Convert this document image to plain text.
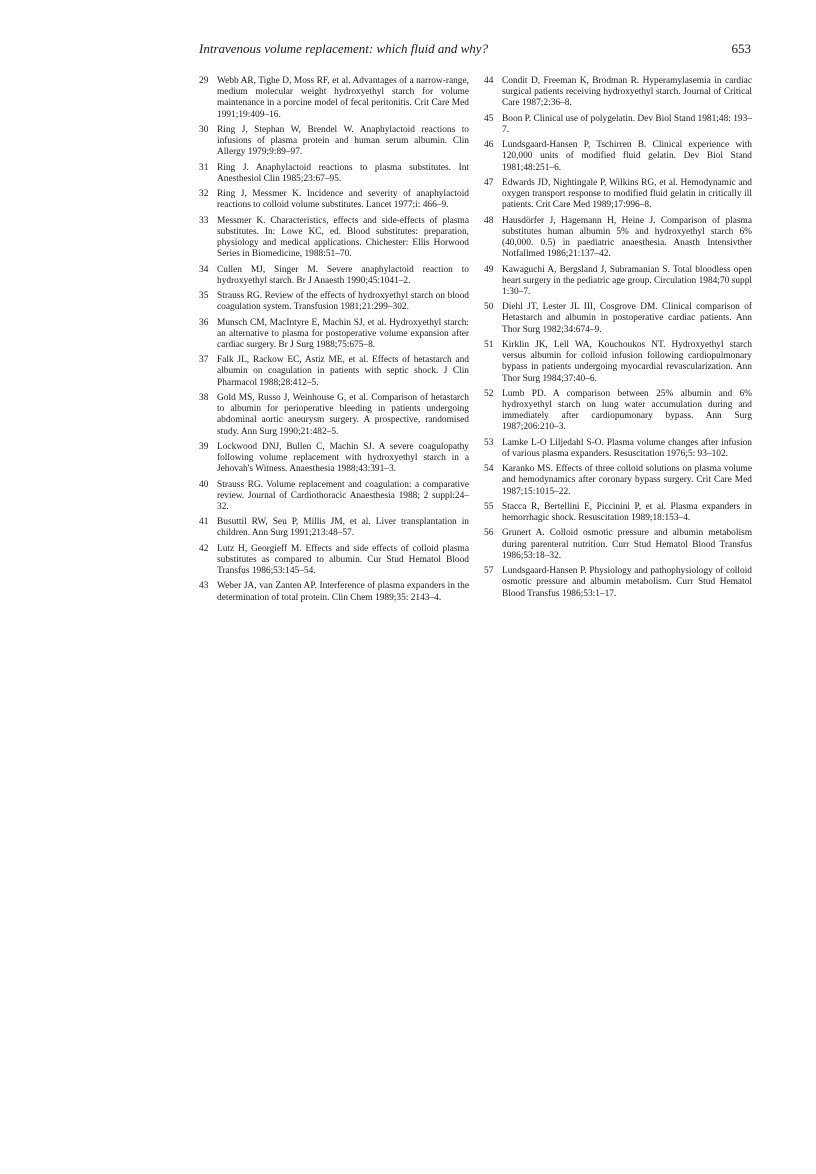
Intravenous volume replacement: which fluid and why?	653
29 Webb AR, Tighe D, Moss RF, et al. Advantages of a narrow-range, medium molecular weight hydroxyethyl starch for volume maintenance in a porcine model of fecal peritonitis. Crit Care Med 1991;19:409–16.
30 Ring J, Stephan W, Brendel W. Anaphylactoid reactions to infusions of plasma protein and human serum albumin. Clin Allergy 1979;9:89–97.
31 Ring J. Anaphylactoid reactions to plasma substitutes. Int Anesthesiol Clin 1985;23:67–95.
32 Ring J, Messmer K. Incidence and severity of anaphylactoid reactions to colloid volume substitutes. Lancet 1977;i: 466–9.
33 Messmer K. Characteristics, effects and side-effects of plasma substitutes. In: Lowe KC, ed. Blood substitutes: preparation, physiology and medical applications. Chichester: Ellis Horwood Series in Biomedicine, 1988:51–70.
34 Cullen MJ, Singer M. Severe anaphylactoid reaction to hydroxyethyl starch. Br J Anaesth 1990;45:1041–2.
35 Strauss RG. Review of the effects of hydroxyethyl starch on blood coagulation system. Transfusion 1981;21:299–302.
36 Munsch CM, MacIntyre E, Machin SJ, et al. Hydroxyethyl starch: an alternative to plasma for postoperative volume expansion after cardiac surgery. Br J Surg 1988;75:675–8.
37 Falk JL, Rackow EC, Astiz ME, et al. Effects of hetastarch and albumin on coagulation in patients with septic shock. J Clin Pharmacol 1988;28:412–5.
38 Gold MS, Russo J, Weinhouse G, et al. Comparison of hetastarch to albumin for perioperative bleeding in patients undergoing abdominal aortic aneurysm surgery. A prospective, randomised study. Ann Surg 1990;21:482–5.
39 Lockwood DNJ, Bullen C, Machin SJ. A severe coagulopathy following volume replacement with hydroxyethyl starch in a Jehovah's Witness. Anaesthesia 1988;43:391–3.
40 Strauss RG. Volume replacement and coagulation: a comparative review. Journal of Cardiothoracic Anaesthesia 1988; 2 suppl:24–32.
41 Busuttil RW, Seu P, Millis JM, et al. Liver transplantation in children. Ann Surg 1991;213:48–57.
42 Lutz H, Georgieff M. Effects and side effects of colloid plasma substitutes as compared to albumin. Cur Stud Hematol Blood Transfus 1986;53:145–54.
43 Weber JA, van Zanten AP. Interference of plasma expanders in the determination of total protein. Clin Chem 1989;35: 2143–4.
44 Condit D, Freeman K, Brodman R. Hyperamylasemia in cardiac surgical patients receiving hydroxyethyl starch. Journal of Critical Care 1987;2:36–8.
45 Boon P. Clinical use of polygelatin. Dev Biol Stand 1981;48: 193–7.
46 Lundsgaard-Hansen P, Tschirren B. Clinical experience with 120,000 units of modified fluid gelatin. Dev Biol Stand 1981;48:251–6.
47 Edwards JD, Nightingale P, Wilkins RG, et al. Hemodynamic and oxygen transport response to modified fluid gelatin in critically ill patients. Crit Care Med 1989;17:996–8.
48 Hausdörfer J, Hagemann H, Heine J. Comparison of plasma substitutes human albumin 5% and hydroxyethyl starch 6% (40,000. 0.5) in paediatric anaesthesia. Anasth Intensivther Notfallmed 1986;21:137–42.
49 Kawaguchi A, Bergsland J, Subramanian S. Total bloodless open heart surgery in the pediatric age group. Circulation 1984;70 suppl 1:30–7.
50 Diehl JT, Lester JL III, Cosgrove DM. Clinical comparison of Hetastarch and albumin in postoperative cardiac patients. Ann Thor Surg 1982;34:674–9.
51 Kirklin JK, Lell WA, Kouchoukos NT. Hydroxyethyl starch versus albumin for colloid infusion following cardiopulmonary bypass in patients undergoing myocardial revascularization. Ann Thor Surg 1984;37:40–6.
52 Lumb PD. A comparison between 25% albumin and 6% hydroxyethyl starch on lung water accumulation during and immediately after cardiopumonary bypass. Ann Surg 1987;206:210–3.
53 Lamke L-O Liljedahl S-O. Plasma volume changes after infusion of various plasma expanders. Resuscitation 1976;5: 93–102.
54 Karanko MS. Effects of three colloid solutions on plasma volume and hemodynamics after coronary bypass surgery. Crit Care Med 1987;15:1015–22.
55 Stacca R, Bertellini E, Piccinini P, et al. Plasma expanders in hemorrhagic shock. Resuscitation 1989;18:153–4.
56 Grunert A. Colloid osmotic pressure and albumin metabolism during parenteral nutrition. Curr Stud Hematol Blood Transfus 1986;53:18–32.
57 Lundsgaard-Hansen P. Physiology and pathophysiology of colloid osmotic pressure and albumin metabolism. Curr Stud Hematol Blood Transfus 1986;53:1–17.
